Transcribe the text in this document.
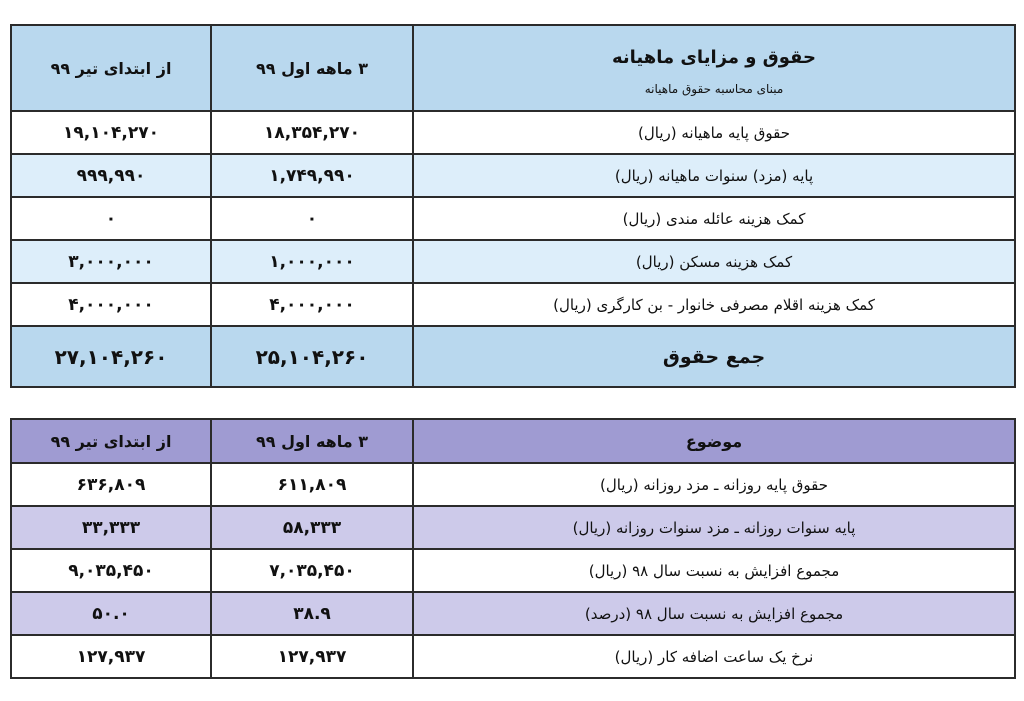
حقوق و مزایای ماهیانه
مبنای محاسبه حقوق ماهیانه	۳ ماهه اول ۹۹	از ابتدای تیر ۹۹
حقوق پایه ماهیانه (ریال)	۱۸,۳۵۴,۲۷۰	۱۹,۱۰۴,۲۷۰
پایه (مزد) سنوات ماهیانه (ریال)	۱,۷۴۹,۹۹۰	۹۹۹,۹۹۰
کمک هزینه عائله مندی (ریال)	۰	۰
کمک هزینه مسکن (ریال)	۱,۰۰۰,۰۰۰	۳,۰۰۰,۰۰۰
کمک هزینه اقلام مصرفی خانوار - بن کارگری (ریال)	۴,۰۰۰,۰۰۰	۴,۰۰۰,۰۰۰
جمع حقوق	۲۵,۱۰۴,۲۶۰	۲۷,۱۰۴,۲۶۰
موضوع	۳ ماهه اول ۹۹	از ابتدای تیر ۹۹
حقوق پایه روزانه ـ مزد روزانه (ریال)	۶۱۱,۸۰۹	۶۳۶,۸۰۹
پایه سنوات روزانه ـ مزد سنوات روزانه (ریال)	۵۸,۳۳۳	۳۳,۳۳۳
مجموع افزایش به نسبت سال ۹۸ (ریال)	۷,۰۳۵,۴۵۰	۹,۰۳۵,۴۵۰
مجموع افزایش به نسبت سال ۹۸ (درصد)	۳۸.۹	۵۰.۰
نرخ یک ساعت اضافه کار (ریال)	۱۲۷,۹۳۷	۱۲۷,۹۳۷
